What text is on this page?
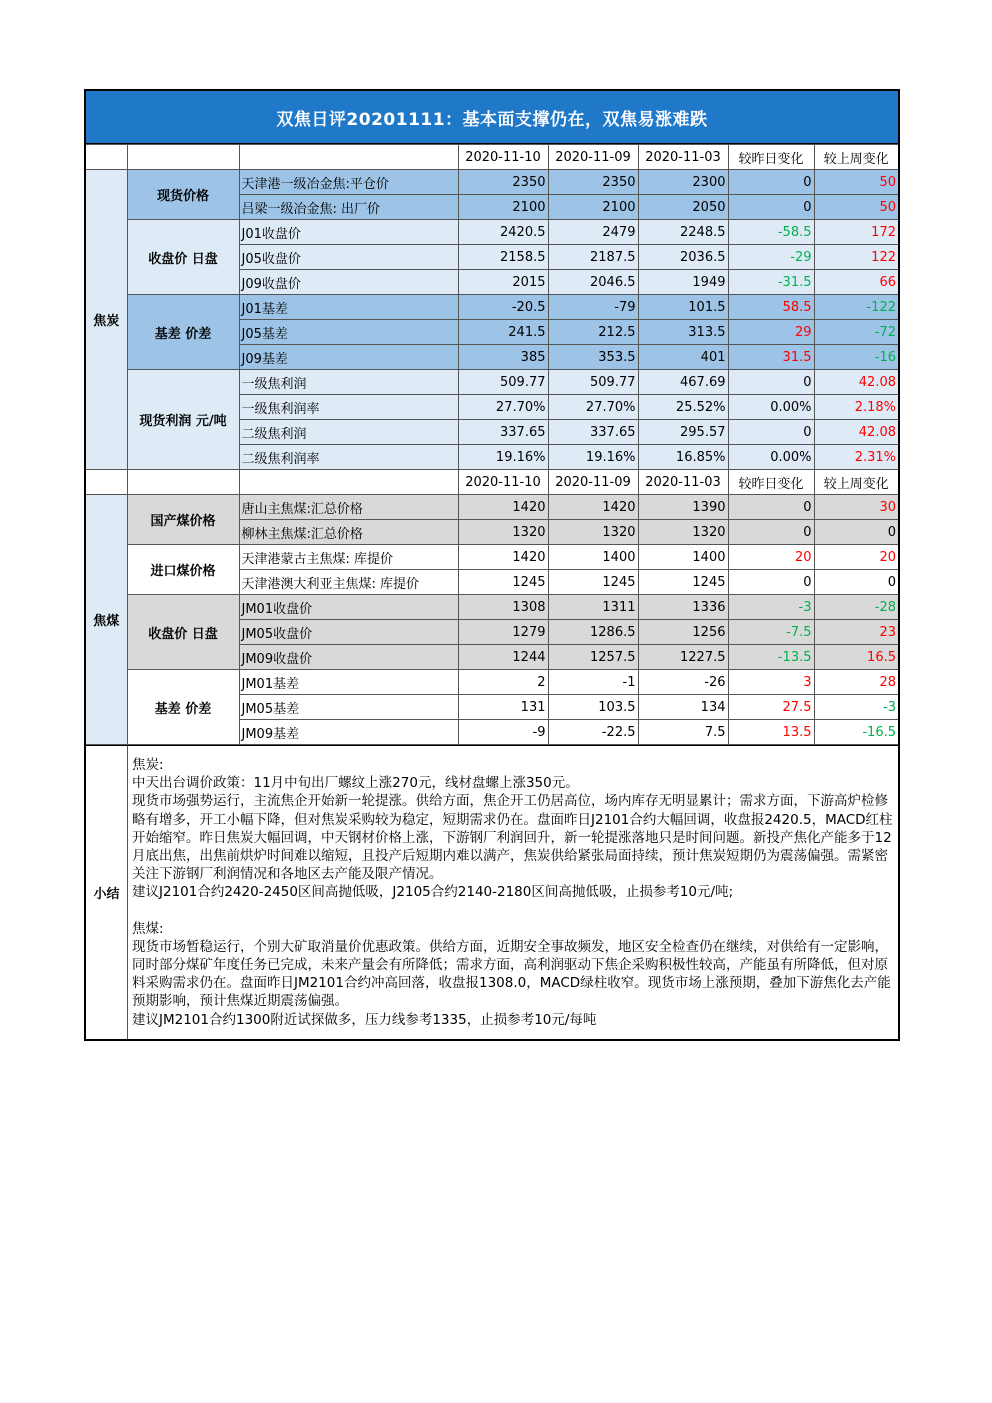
双焦日评20201111：基本面支撑仍在，双焦易涨难跌
			2020-11-10	2020-11-09	2020-11-03	较昨日变化	较上周变化
焦炭	现货价格	天津港一级冶金焦:平仓价	2350	2350	2300	0	50
		吕梁一级冶金焦: 出厂价	2100	2100	2050	0	50
	收盘价 日盘	J01收盘价	2420.5	2479	2248.5	-58.5	172
		J05收盘价	2158.5	2187.5	2036.5	-29	122
		J09收盘价	2015	2046.5	1949	-31.5	66
	基差 价差	J01基差	-20.5	-79	101.5	58.5	-122
		J05基差	241.5	212.5	313.5	29	-72
		J09基差	385	353.5	401	31.5	-16
	现货利润 元/吨	一级焦利润	509.77	509.77	467.69	0	42.08
		一级焦利润率	27.70%	27.70%	25.52%	0.00%	2.18%
		二级焦利润	337.65	337.65	295.57	0	42.08
		二级焦利润率	19.16%	19.16%	16.85%	0.00%	2.31%
			2020-11-10	2020-11-09	2020-11-03	较昨日变化	较上周变化
焦煤	国产煤价格	唐山主焦煤:汇总价格	1420	1420	1390	0	30
		柳林主焦煤:汇总价格	1320	1320	1320	0	0
	进口煤价格	天津港蒙古主焦煤: 库提价	1420	1400	1400	20	20
		天津港澳大利亚主焦煤: 库提价	1245	1245	1245	0	0
	收盘价 日盘	JM01收盘价	1308	1311	1336	-3	-28
		JM05收盘价	1279	1286.5	1256	-7.5	23
		JM09收盘价	1244	1257.5	1227.5	-13.5	16.5
	基差 价差	JM01基差	2	-1	-26	3	28
		JM05基差	131	103.5	134	27.5	-3
		JM09基差	-9	-22.5	7.5	13.5	-16.5
小结

焦炭:

中天出台调价政策：11月中旬出厂螺纹上涨270元，线材盘螺上涨350元。

现货市场强势运行，主流焦企开始新一轮提涨。供给方面，焦企开工仍居高位，场内库存无明显累计；需求方面，下游高炉检修略有增多，开工小幅下降，但对焦炭采购较为稳定，短期需求仍在。盘面昨日J2101合约大幅回调，收盘报2420.5，MACD红柱开始缩窄。昨日焦炭大幅回调，中天钢材价格上涨，下游钢厂利润回升，新一轮提涨落地只是时间问题。新投产焦化产能多于12月底出焦，出焦前烘炉时间难以缩短，且投产后短期内难以满产，焦炭供给紧张局面持续，预计焦炭短期仍为震荡偏强。需紧密关注下游钢厂利润情况和各地区去产能及限产情况。

建议J2101合约2420-2450区间高抛低吸，J2105合约2140-2180区间高抛低吸，止损参考10元/吨;

焦煤:

现货市场暂稳运行，个别大矿取消量价优惠政策。供给方面，近期安全事故频发，地区安全检查仍在继续，对供给有一定影响，同时部分煤矿年度任务已完成，未来产量会有所降低；需求方面，高利润驱动下焦企采购积极性较高，产能虽有所降低，但对原料采购需求仍在。盘面昨日JM2101合约冲高回落，收盘报1308.0，MACD绿柱收窄。现货市场上涨预期，叠加下游焦化去产能预期影响，预计焦煤近期震荡偏强。

建议JM2101合约1300附近试探做多，压力线参考1335，止损参考10元/每吨
